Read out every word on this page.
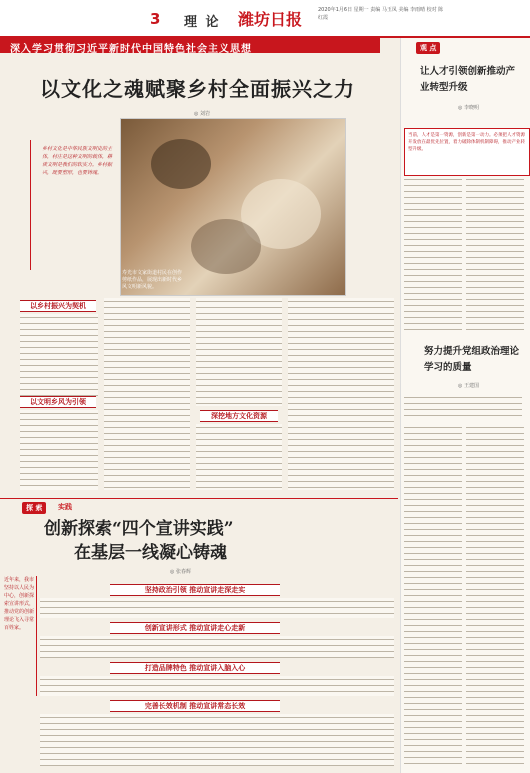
3 理 论 潍坊日报	2020年1月6日 星期一 责编 马玉凤 美编 李雨晴 校对 陈红霞
深入学习贯彻习近平新时代中国特色社会主义思想
乡村文化是中华民族文明史的主体，村庄是这种文明的载体，耕读文明是我们的软实力。乡村振兴，既要塑形，也要铸魂。
以文化之魂赋聚乡村全面振兴之力
◎ 刘岩
寿光市文家街道村民在创作剪纸作品，展现出新时代乡风文明新风貌。
以乡村振兴为契机
以文明乡风为引领
深挖地方文化资源
观 点
让人才引领创新推动产业转型升级
◎ 李晓明
当前，人才是第一资源，创新是第一动力。必须把人才资源开发放在最优先位置，着力破除体制机制障碍，推动产业转型升级。
努力提升党组政治理论学习的质量
◎ 王建国
探 索	实践
创新探索“四个宣讲实践”
在基层一线凝心铸魂
◎ 张春辉
近年来，我市坚持以人民为中心，创新探索宣讲形式，推动党的创新理论飞入寻常百姓家。
坚持政治引领 推动宣讲走深走实
创新宣讲形式 推动宣讲走心走新
打造品牌特色 推动宣讲入脑入心
完善长效机制 推动宣讲常态长效
